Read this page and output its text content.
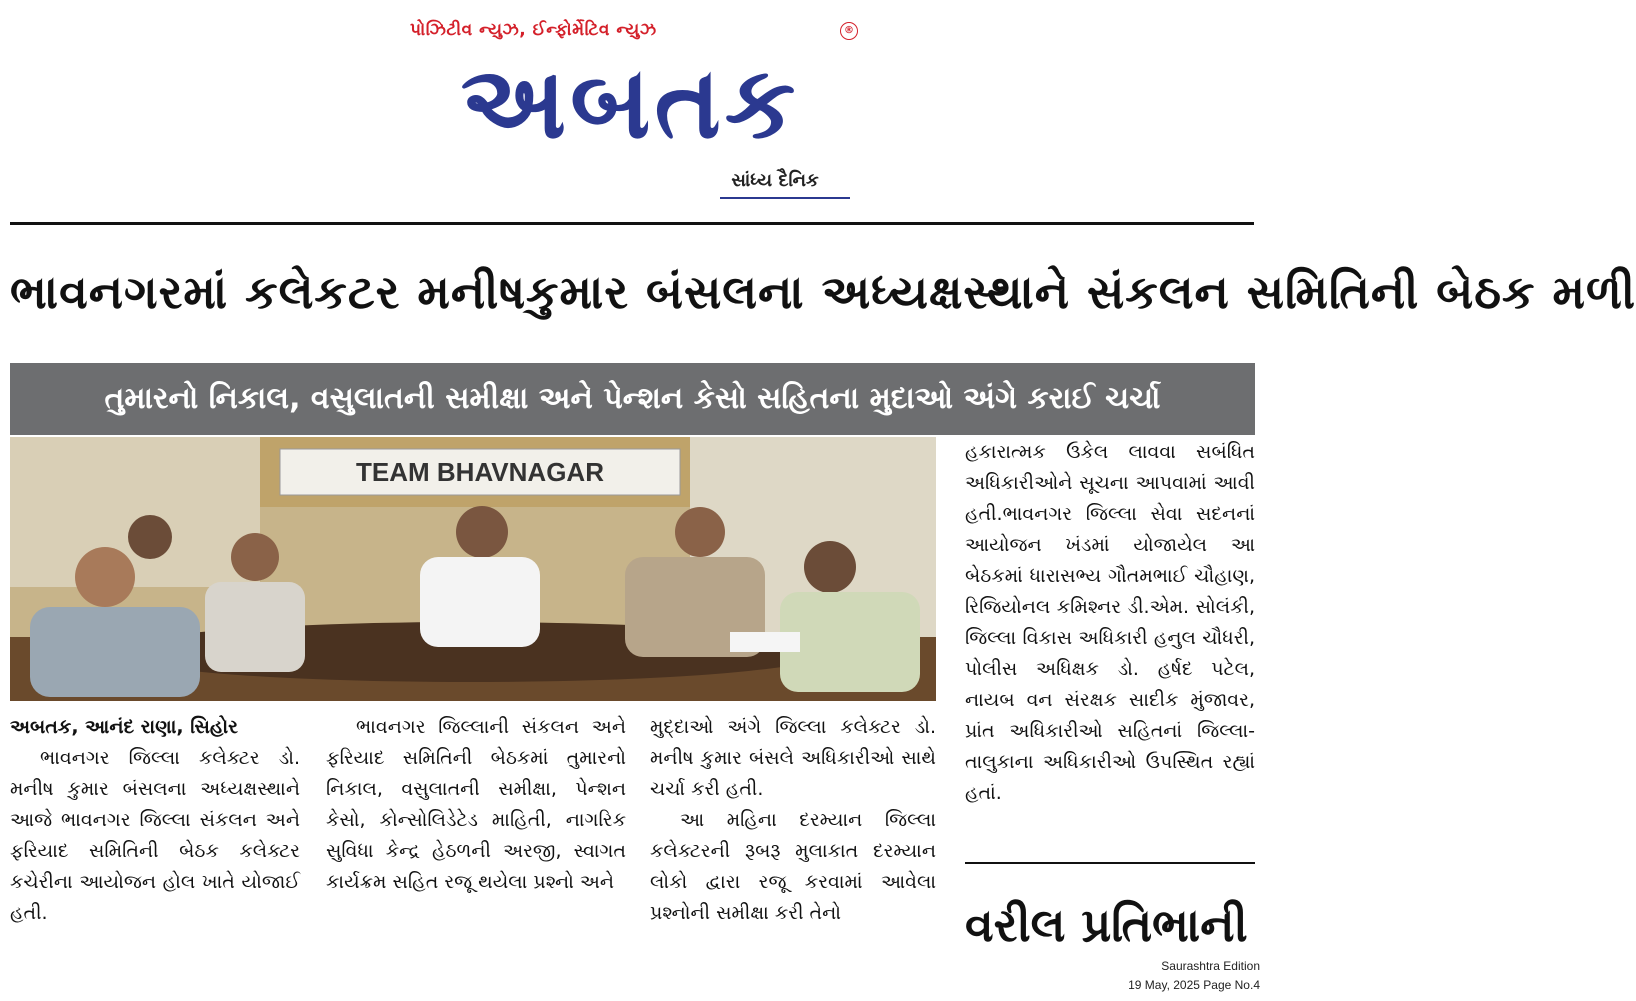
પોઝિટીવ ન્યુઝ, ઈન્ફોર્મેટિવ ન્યુઝ	®
અબતક
સાંધ્ય દૈનિક
ભાવનગરમાં કલેકટર મનીષકુમાર બંસલના અધ્યક્ષસ્થાને સંકલન સમિતિની બેઠક મળી
તુમારનો નિકાલ, વસુલાતની સમીક્ષા અને પેન્શન કેસો સહિતના મુદાઓ અંગે કરાઈ ચર્ચા
TEAM BHAVNAGAR

અબતક, આનંદ રાણા, સિહોર

ભાવનગર જિલ્લા કલેક્ટર ડો. મનીષ કુમાર બંસલના અધ્યક્ષસ્થાને આજે ભાવનગર જિલ્લા સંકલન અને ફરિયાદ સમિતિની બેઠક કલેક્ટર કચેરીના આયોજન હોલ ખાતે યોજાઈ હતી.

ભાવનગર જિલ્લાની સંકલન અને ફરિયાદ સમિતિની બેઠકમાં તુમારનો નિકાલ, વસુલાતની સમીક્ષા, પેન્શન કેસો, કોન્સોલિડેટેડ માહિતી, નાગરિક સુવિધા કેન્દ્ર હેઠળની અરજી, સ્વાગત કાર્યક્રમ સહિત રજૂ થયેલા પ્રશ્નો અને

મુદ્દાઓ અંગે જિલ્લા કલેક્ટર ડો. મનીષ કુમાર બંસલે અધિકારીઓ સાથે ચર્ચા કરી હતી.

આ મહિના દરમ્યાન જિલ્લા કલેક્ટરની રૂબરૂ મુલાકાત દરમ્યાન લોકો દ્વારા રજૂ કરવામાં આવેલા પ્રશ્નોની સમીક્ષા કરી તેનો

હકારાત્મક ઉકેલ લાવવા સબંધિત અધિકારીઓને સૂચના આપવામાં આવી હતી.ભાવનગર જિલ્લા સેવા સદનનાં આયોજન ખંડમાં યોજાયેલ આ બેઠકમાં ધારાસભ્ય ગૌતમભાઈ ચૌહાણ, રિજિયોનલ કમિશ્નર ડી.એમ. સોલંકી, જિલ્લા વિકાસ અધિકારી હનુલ ચૌધરી, પોલીસ અધિક્ષક ડો. હર્ષદ પટેલ, નાયબ વન સંરક્ષક સાદીક મુંજાવર, પ્રાંત અધિકારીઓ સહિતનાં જિલ્લા- તાલુકાના અધિકારીઓ ઉપસ્થિત રહ્યાં હતાં.

વરીલ પ્રતિભાની
Saurashtra Edition
19 May, 2025 Page No.4
